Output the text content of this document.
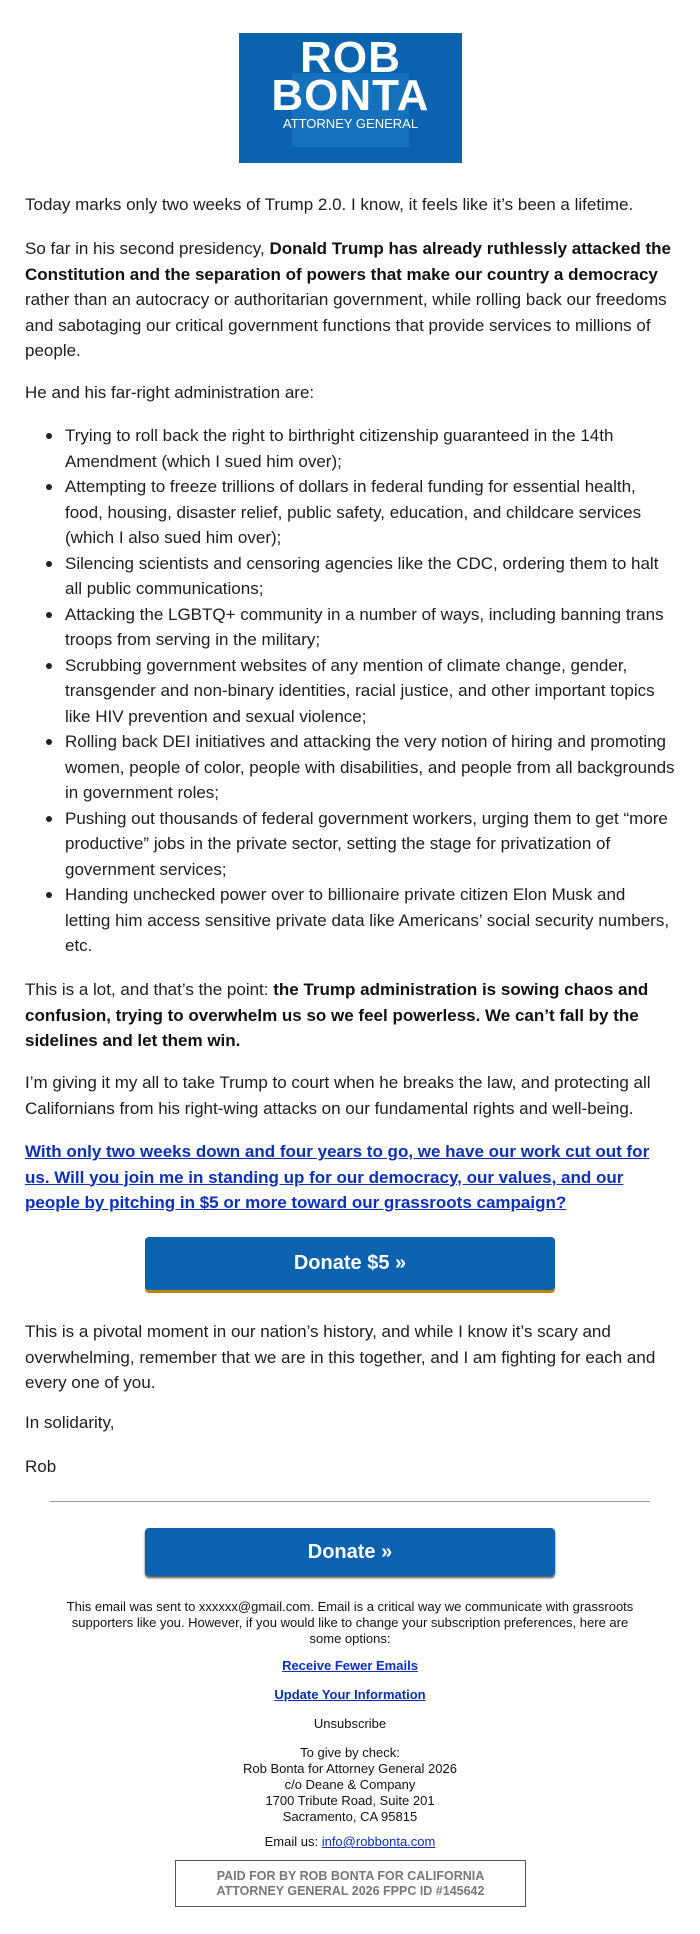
ROB
BONTA
ATTORNEY GENERAL

Today marks only two weeks of Trump 2.0. I know, it feels like it’s been a lifetime.

So far in his second presidency, Donald Trump has already ruthlessly attacked the Constitution and the separation of powers that make our country a democracy rather than an autocracy or authoritarian government, while rolling back our freedoms and sabotaging our critical government functions that provide services to millions of people.

He and his far-right administration are:

Trying to roll back the right to birthright citizenship guaranteed in the 14th Amendment (which I sued him over);
Attempting to freeze trillions of dollars in federal funding for essential health, food, housing, disaster relief, public safety, education, and childcare services (which I also sued him over);
Silencing scientists and censoring agencies like the CDC, ordering them to halt all public communications;
Attacking the LGBTQ+ community in a number of ways, including banning trans troops from serving in the military;
Scrubbing government websites of any mention of climate change, gender, transgender and non-binary identities, racial justice, and other important topics like HIV prevention and sexual violence;
Rolling back DEI initiatives and attacking the very notion of hiring and promoting women, people of color, people with disabilities, and people from all backgrounds in government roles;
Pushing out thousands of federal government workers, urging them to get “more productive” jobs in the private sector, setting the stage for privatization of government services;
Handing unchecked power over to billionaire private citizen Elon Musk and letting him access sensitive private data like Americans’ social security numbers, etc.

This is a lot, and that’s the point: the Trump administration is sowing chaos and confusion, trying to overwhelm us so we feel powerless. We can’t fall by the sidelines and let them win.

I’m giving it my all to take Trump to court when he breaks the law, and protecting all Californians from his right-wing attacks on our fundamental rights and well-being.

With only two weeks down and four years to go, we have our work cut out for us. Will you join me in standing up for our democracy, our values, and our people by pitching in $5 or more toward our grassroots campaign?

Donate $5 »

This is a pivotal moment in our nation’s history, and while I know it’s scary and overwhelming, remember that we are in this together, and I am fighting for each and every one of you.

In solidarity,

Rob

Donate »

This email was sent to xxxxxx@gmail.com. Email is a critical way we communicate with grassroots supporters like you. However, if you would like to change your subscription preferences, here are some options:

Receive Fewer Emails

Update Your Information

Unsubscribe

To give by check:
Rob Bonta for Attorney General 2026
c/o Deane & Company
1700 Tribute Road, Suite 201
Sacramento, CA 95815

Email us: info@robbonta.com

PAID FOR BY ROB BONTA FOR CALIFORNIA
ATTORNEY GENERAL 2026 FPPC ID #145642
